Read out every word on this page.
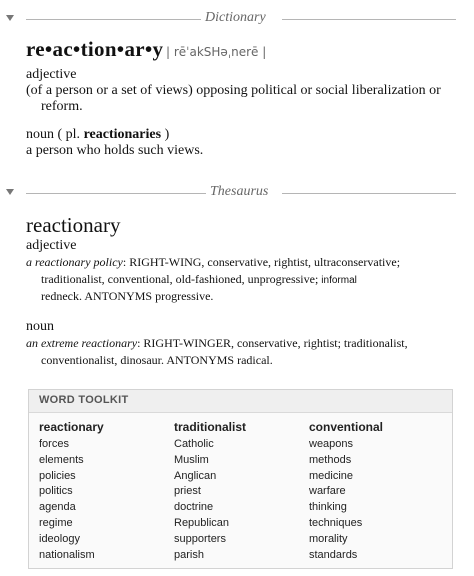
Dictionary
re•ac•tion•ar•y | rēˈakSHəˌnerē |
adjective
(of a person or a set of views) opposing political or social liberalization or
reform.
noun ( pl. reactionaries )
a person who holds such views.
Thesaurus
reactionary
adjective
a reactionary policy: RIGHT-WING, conservative, rightist, ultraconservative;
traditionalist, conventional, old-fashioned, unprogressive; informal
redneck. ANTONYMS progressive.
noun
an extreme reactionary: RIGHT-WINGER, conservative, rightist; traditionalist,
conventionalist, dinosaur. ANTONYMS radical.
WORD TOOLKIT
reactionary
forces
elements
policies
politics
agenda
regime
ideology
nationalism
traditionalist
Catholic
Muslim
Anglican
priest
doctrine
Republican
supporters
parish
conventional
weapons
methods
medicine
warfare
thinking
techniques
morality
standards
